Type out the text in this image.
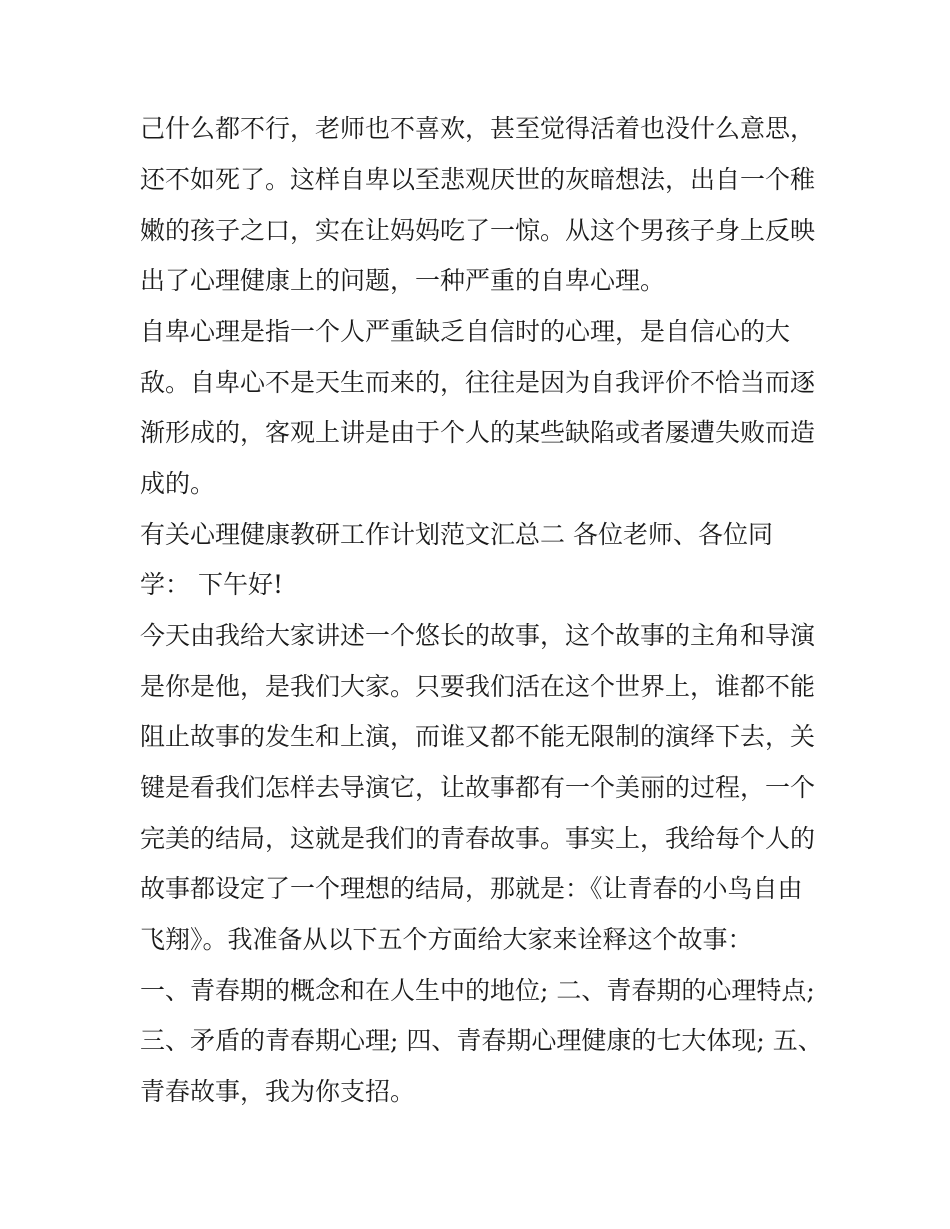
己什么都不行，老师也不喜欢，甚至觉得活着也没什么意思，
还不如死了。这样自卑以至悲观厌世的灰暗想法，出自一个稚
嫩的孩子之口，实在让妈妈吃了一惊。从这个男孩子身上反映
出了心理健康上的问题，一种严重的自卑心理。
自卑心理是指一个人严重缺乏自信时的心理，是自信心的大
敌。自卑心不是天生而来的，往往是因为自我评价不恰当而逐
渐形成的，客观上讲是由于个人的某些缺陷或者屡遭失败而造
成的。
有关心理健康教研工作计划范文汇总二 各位老师、各位同
学： 下午好!
今天由我给大家讲述一个悠长的故事，这个故事的主角和导演
是你是他，是我们大家。只要我们活在这个世界上，谁都不能
阻止故事的发生和上演，而谁又都不能无限制的演绎下去，关
键是看我们怎样去导演它，让故事都有一个美丽的过程，一个
完美的结局，这就是我们的青春故事。事实上，我给每个人的
故事都设定了一个理想的结局，那就是：《让青春的小鸟自由
飞翔》。我准备从以下五个方面给大家来诠释这个故事：
一、青春期的概念和在人生中的地位; 二、青春期的心理特点;
三、矛盾的青春期心理; 四、青春期心理健康的七大体现; 五、
青春故事，我为你支招。
